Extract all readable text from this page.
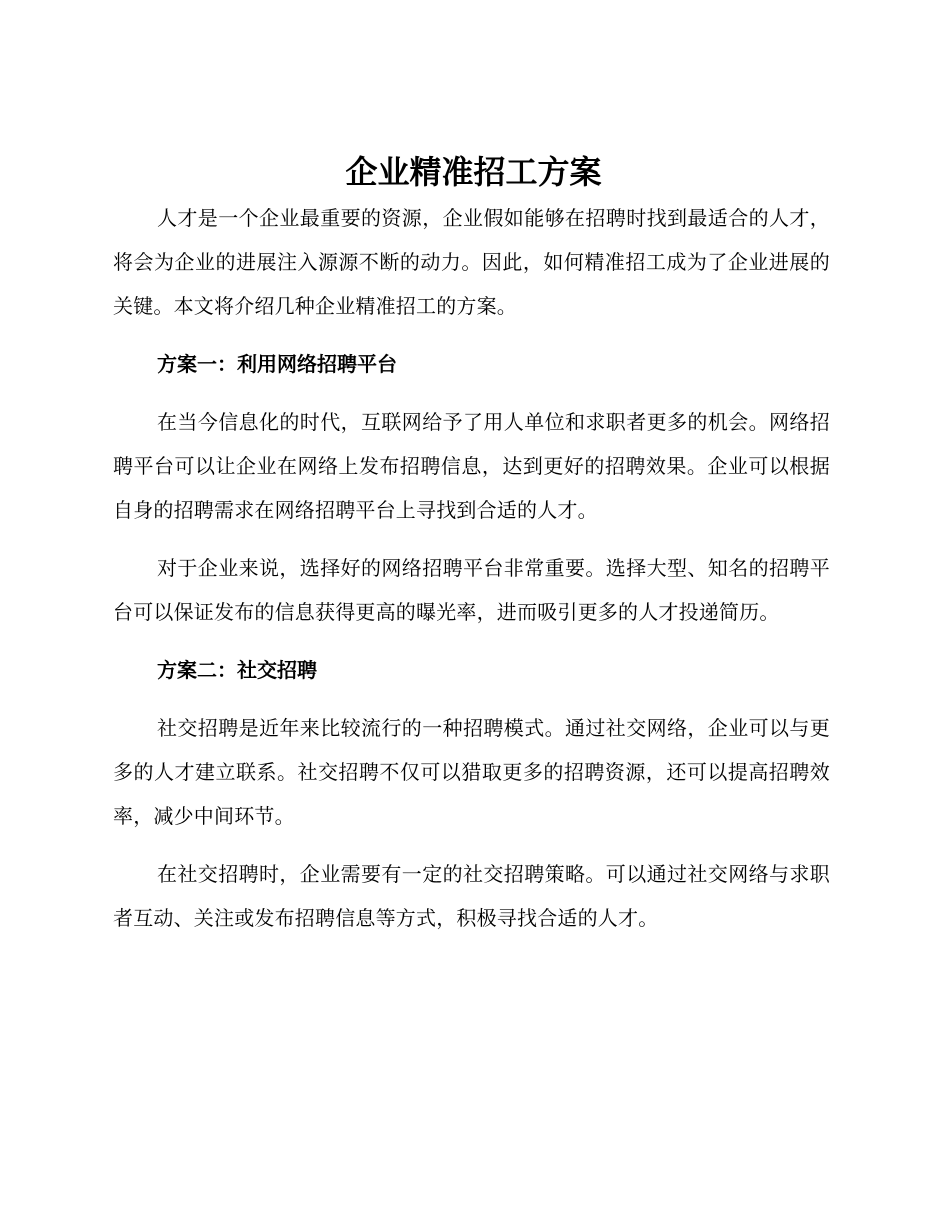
企业精准招工方案

人才是一个企业最重要的资源，企业假如能够在招聘时找到最适合的人才，将会为企业的进展注入源源不断的动力。因此，如何精准招工成为了企业进展的关键。本文将介绍几种企业精准招工的方案。

方案一：利用网络招聘平台

在当今信息化的时代，互联网给予了用人单位和求职者更多的机会。网络招聘平台可以让企业在网络上发布招聘信息，达到更好的招聘效果。企业可以根据自身的招聘需求在网络招聘平台上寻找到合适的人才。

对于企业来说，选择好的网络招聘平台非常重要。选择大型、知名的招聘平台可以保证发布的信息获得更高的曝光率，进而吸引更多的人才投递简历。

方案二：社交招聘

社交招聘是近年来比较流行的一种招聘模式。通过社交网络，企业可以与更多的人才建立联系。社交招聘不仅可以猎取更多的招聘资源，还可以提高招聘效率，减少中间环节。

在社交招聘时，企业需要有一定的社交招聘策略。可以通过社交网络与求职者互动、关注或发布招聘信息等方式，积极寻找合适的人才。
